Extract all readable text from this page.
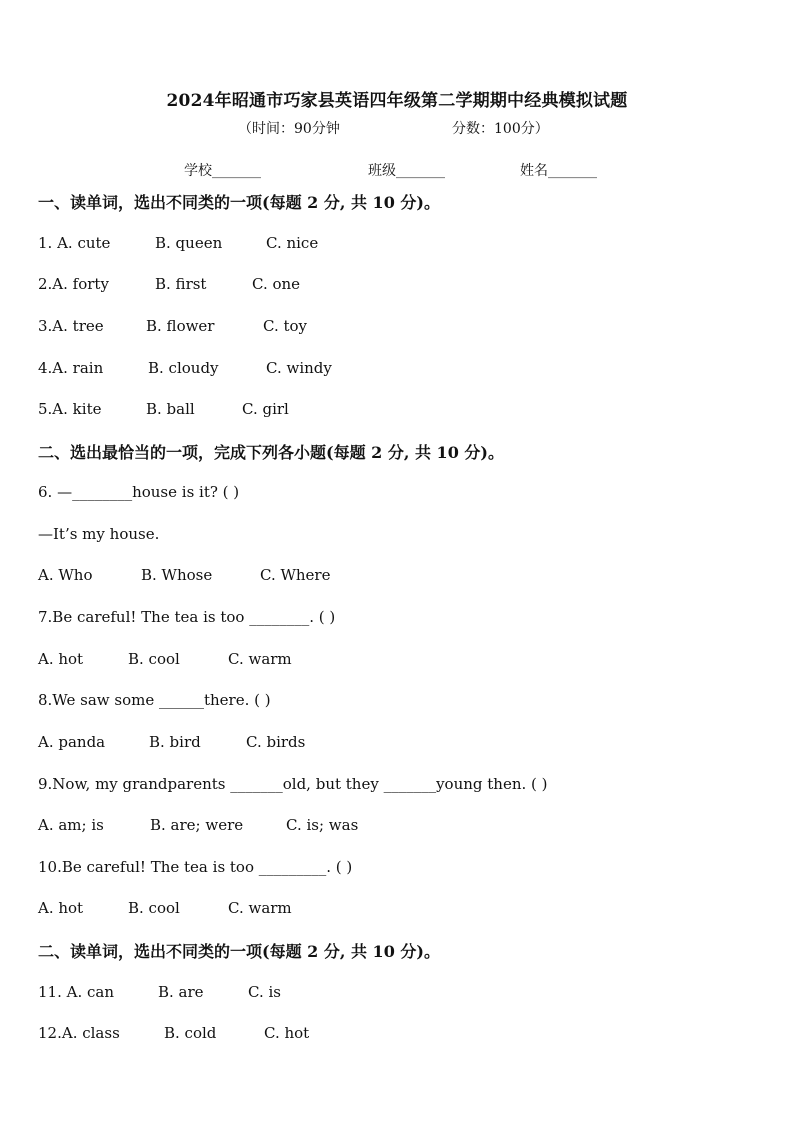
2024年昭通市巧家县英语四年级第二学期期中经典模拟试题
（时间：90分钟	分数：100分）
学校_______	班级_______	姓名_______
一、读单词，选出不同类的一项(每题 2 分, 共 10 分)。
1. A. cute	B. queen	C. nice
2.A. forty	B. first	C. one
3.A. tree	B. flower	C. toy
4.A. rain	B. cloudy	C. windy
5.A. kite	B. ball	C. girl
二、选出最恰当的一项，完成下列各小题(每题 2 分, 共 10 分)。
6. —________house is it? ( )
—It’s my house.
A. Who	B. Whose	C. Where
7.Be careful! The tea is too ________. ( )
A. hot	B. cool	C. warm
8.We saw some ______there. ( )
A. panda	B. bird	C. birds
9.Now, my grandparents _______old, but they _______young then. ( )
A. am; is	B. are; were	C. is; was
10.Be careful! The tea is too _________. ( )
A. hot	B. cool	C. warm
二、读单词，选出不同类的一项(每题 2 分, 共 10 分)。
11. A. can	B. are	C. is
12.A. class	B. cold	C. hot
